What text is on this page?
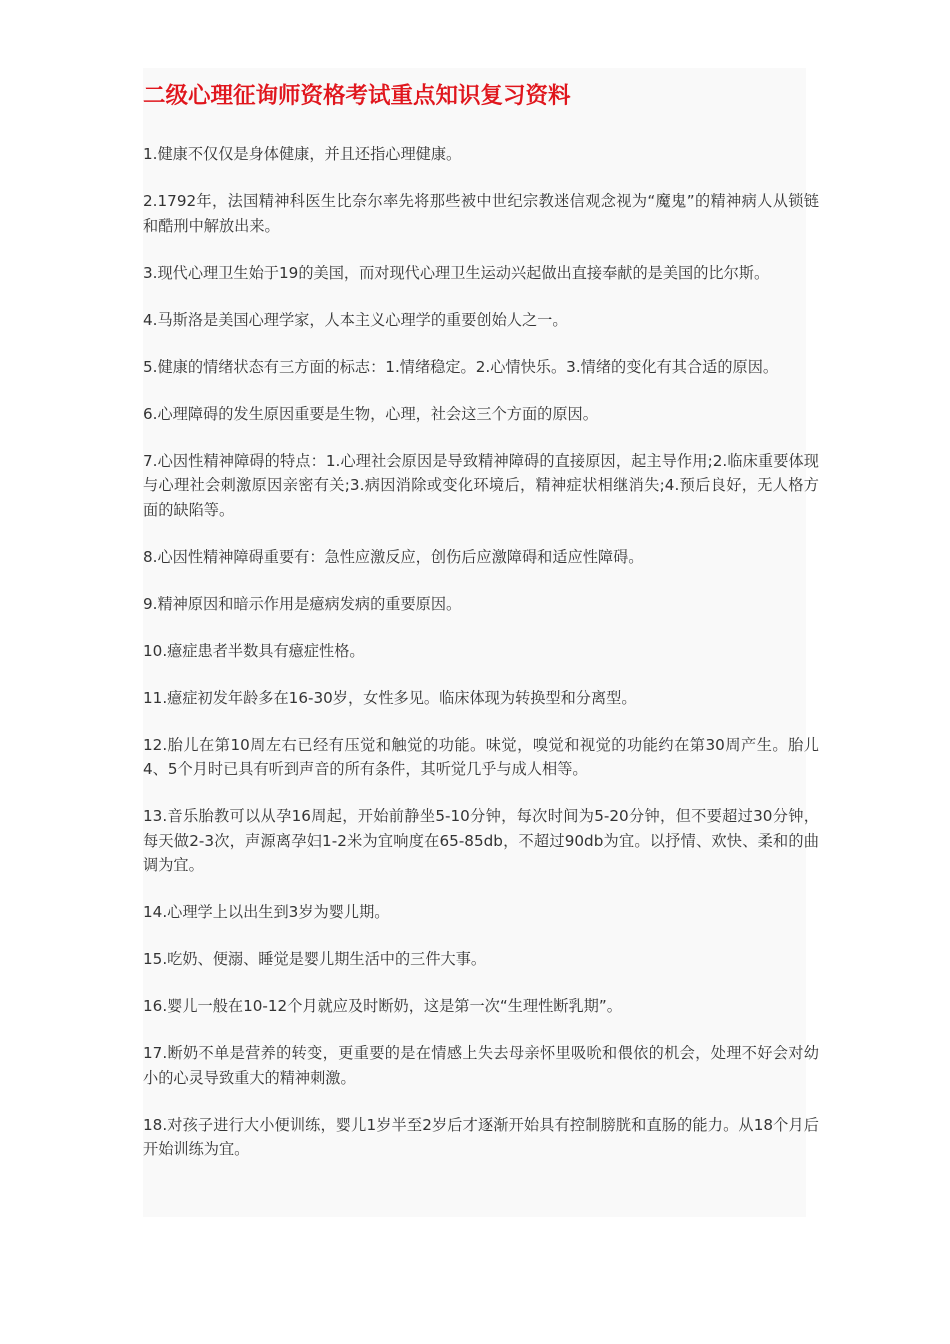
二级心理征询师资格考试重点知识复习资料
1.健康不仅仅是身体健康，并且还指心理健康。
2.1792年，法国精神科医生比奈尔率先将那些被中世纪宗教迷信观念视为“魔鬼”的精神病人从锁链和酷刑中解放出来。
3.现代心理卫生始于19的美国，而对现代心理卫生运动兴起做出直接奉献的是美国的比尔斯。
4.马斯洛是美国心理学家，人本主义心理学的重要创始人之一。
5.健康的情绪状态有三方面的标志：1.情绪稳定。2.心情快乐。3.情绪的变化有其合适的原因。
6.心理障碍的发生原因重要是生物，心理，社会这三个方面的原因。
7.心因性精神障碍的特点：1.心理社会原因是导致精神障碍的直接原因，起主导作用;2.临床重要体现与心理社会刺激原因亲密有关;3.病因消除或变化环境后，精神症状相继消失;4.预后良好，无人格方面的缺陷等。
8.心因性精神障碍重要有：急性应激反应，创伤后应激障碍和适应性障碍。
9.精神原因和暗示作用是癔病发病的重要原因。
10.癔症患者半数具有癔症性格。
11.癔症初发年龄多在16-30岁，女性多见。临床体现为转换型和分离型。
12.胎儿在第10周左右已经有压觉和触觉的功能。味觉，嗅觉和视觉的功能约在第30周产生。胎儿4、5个月时已具有听到声音的所有条件，其听觉几乎与成人相等。
13.音乐胎教可以从孕16周起，开始前静坐5-10分钟，每次时间为5-20分钟，但不要超过30分钟，每天做2-3次，声源离孕妇1-2米为宜响度在65-85db，不超过90db为宜。以抒情、欢快、柔和的曲调为宜。
14.心理学上以出生到3岁为婴儿期。
15.吃奶、便溺、睡觉是婴儿期生活中的三件大事。
16.婴儿一般在10-12个月就应及时断奶，这是第一次“生理性断乳期”。
17.断奶不单是营养的转变，更重要的是在情感上失去母亲怀里吸吮和偎依的机会，处理不好会对幼小的心灵导致重大的精神刺激。
18.对孩子进行大小便训练，婴儿1岁半至2岁后才逐渐开始具有控制膀胱和直肠的能力。从18个月后开始训练为宜。
